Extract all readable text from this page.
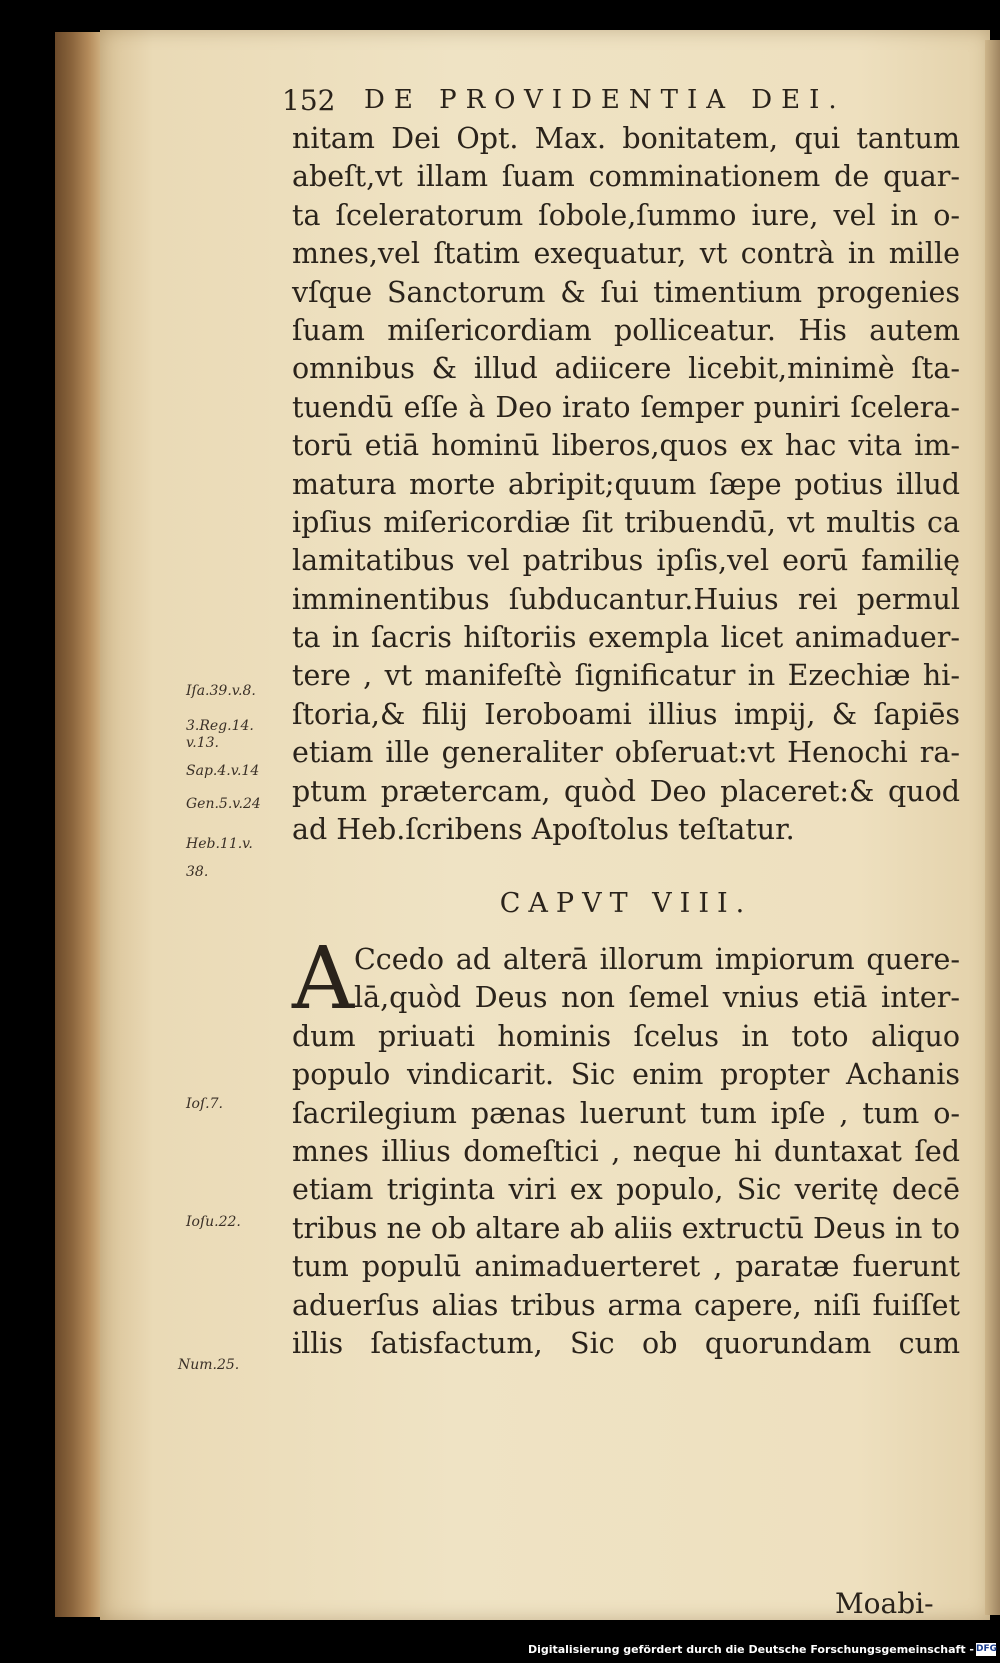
152	DE PROVIDENTIA DEI.
nitam Dei Opt. Max. bonitatem, qui tantum
abeſt,vt illam ſuam comminationem de quar-
ta ſceleratorum ſobole,ſummo iure, vel in o-
mnes,vel ſtatim exequatur, vt contrà in mille
vſque Sanctorum & ſui timentium progenies
ſuam miſericordiam polliceatur. His autem
omnibus & illud adiicere licebit,minimè ſta-
tuendū eſſe à Deo irato ſemper puniri ſcelera-
torū etiā hominū liberos,quos ex hac vita im-
matura morte abripit;quum ſæpe potius illud
ipſius miſericordiæ ſit tribuendū, vt multis ca
lamitatibus vel patribus ipſis,vel eorū familię
imminentibus ſubducantur.Huius rei permul
ta in ſacris hiſtoriis exempla licet animaduer-
tere , vt manifeſtè ſignificatur in Ezechiæ hi-
ſtoria,& filij Ieroboami illius impij, & ſapiēs
etiam ille generaliter obſeruat:vt Henochi ra-
ptum prætercam, quòd Deo placeret:& quod
ad Heb.ſcribens Apoſtolus teſtatur.
CAPVT VIII.
A Ccedo ad alterā illorum impiorum quere-
lā,quòd Deus non ſemel vnius etiā inter-
dum priuati hominis ſcelus in toto aliquo
populo vindicarit. Sic enim propter Achanis
ſacrilegium pænas luerunt tum ipſe , tum o-
mnes illius domeſtici , neque hi duntaxat ſed
etiam triginta viri ex populo, Sic veritę decē
tribus ne ob altare ab aliis extructū Deus in to
tum populū animaduerteret , paratæ fuerunt
aduerſus alias tribus arma capere, niſi fuiſſet
illis ſatisfactum, Sic ob quorundam cum
Moabi-
Iſa.39.v.8.
3.Reg.14.
v.13.
Sap.4.v.14
Gen.5.v.24
Heb.11.v.
38.
Ioſ.7.
Ioſu.22.
Num.25.
Digitalisierung gefördert durch die Deutsche Forschungsgemeinschaft - DFG
